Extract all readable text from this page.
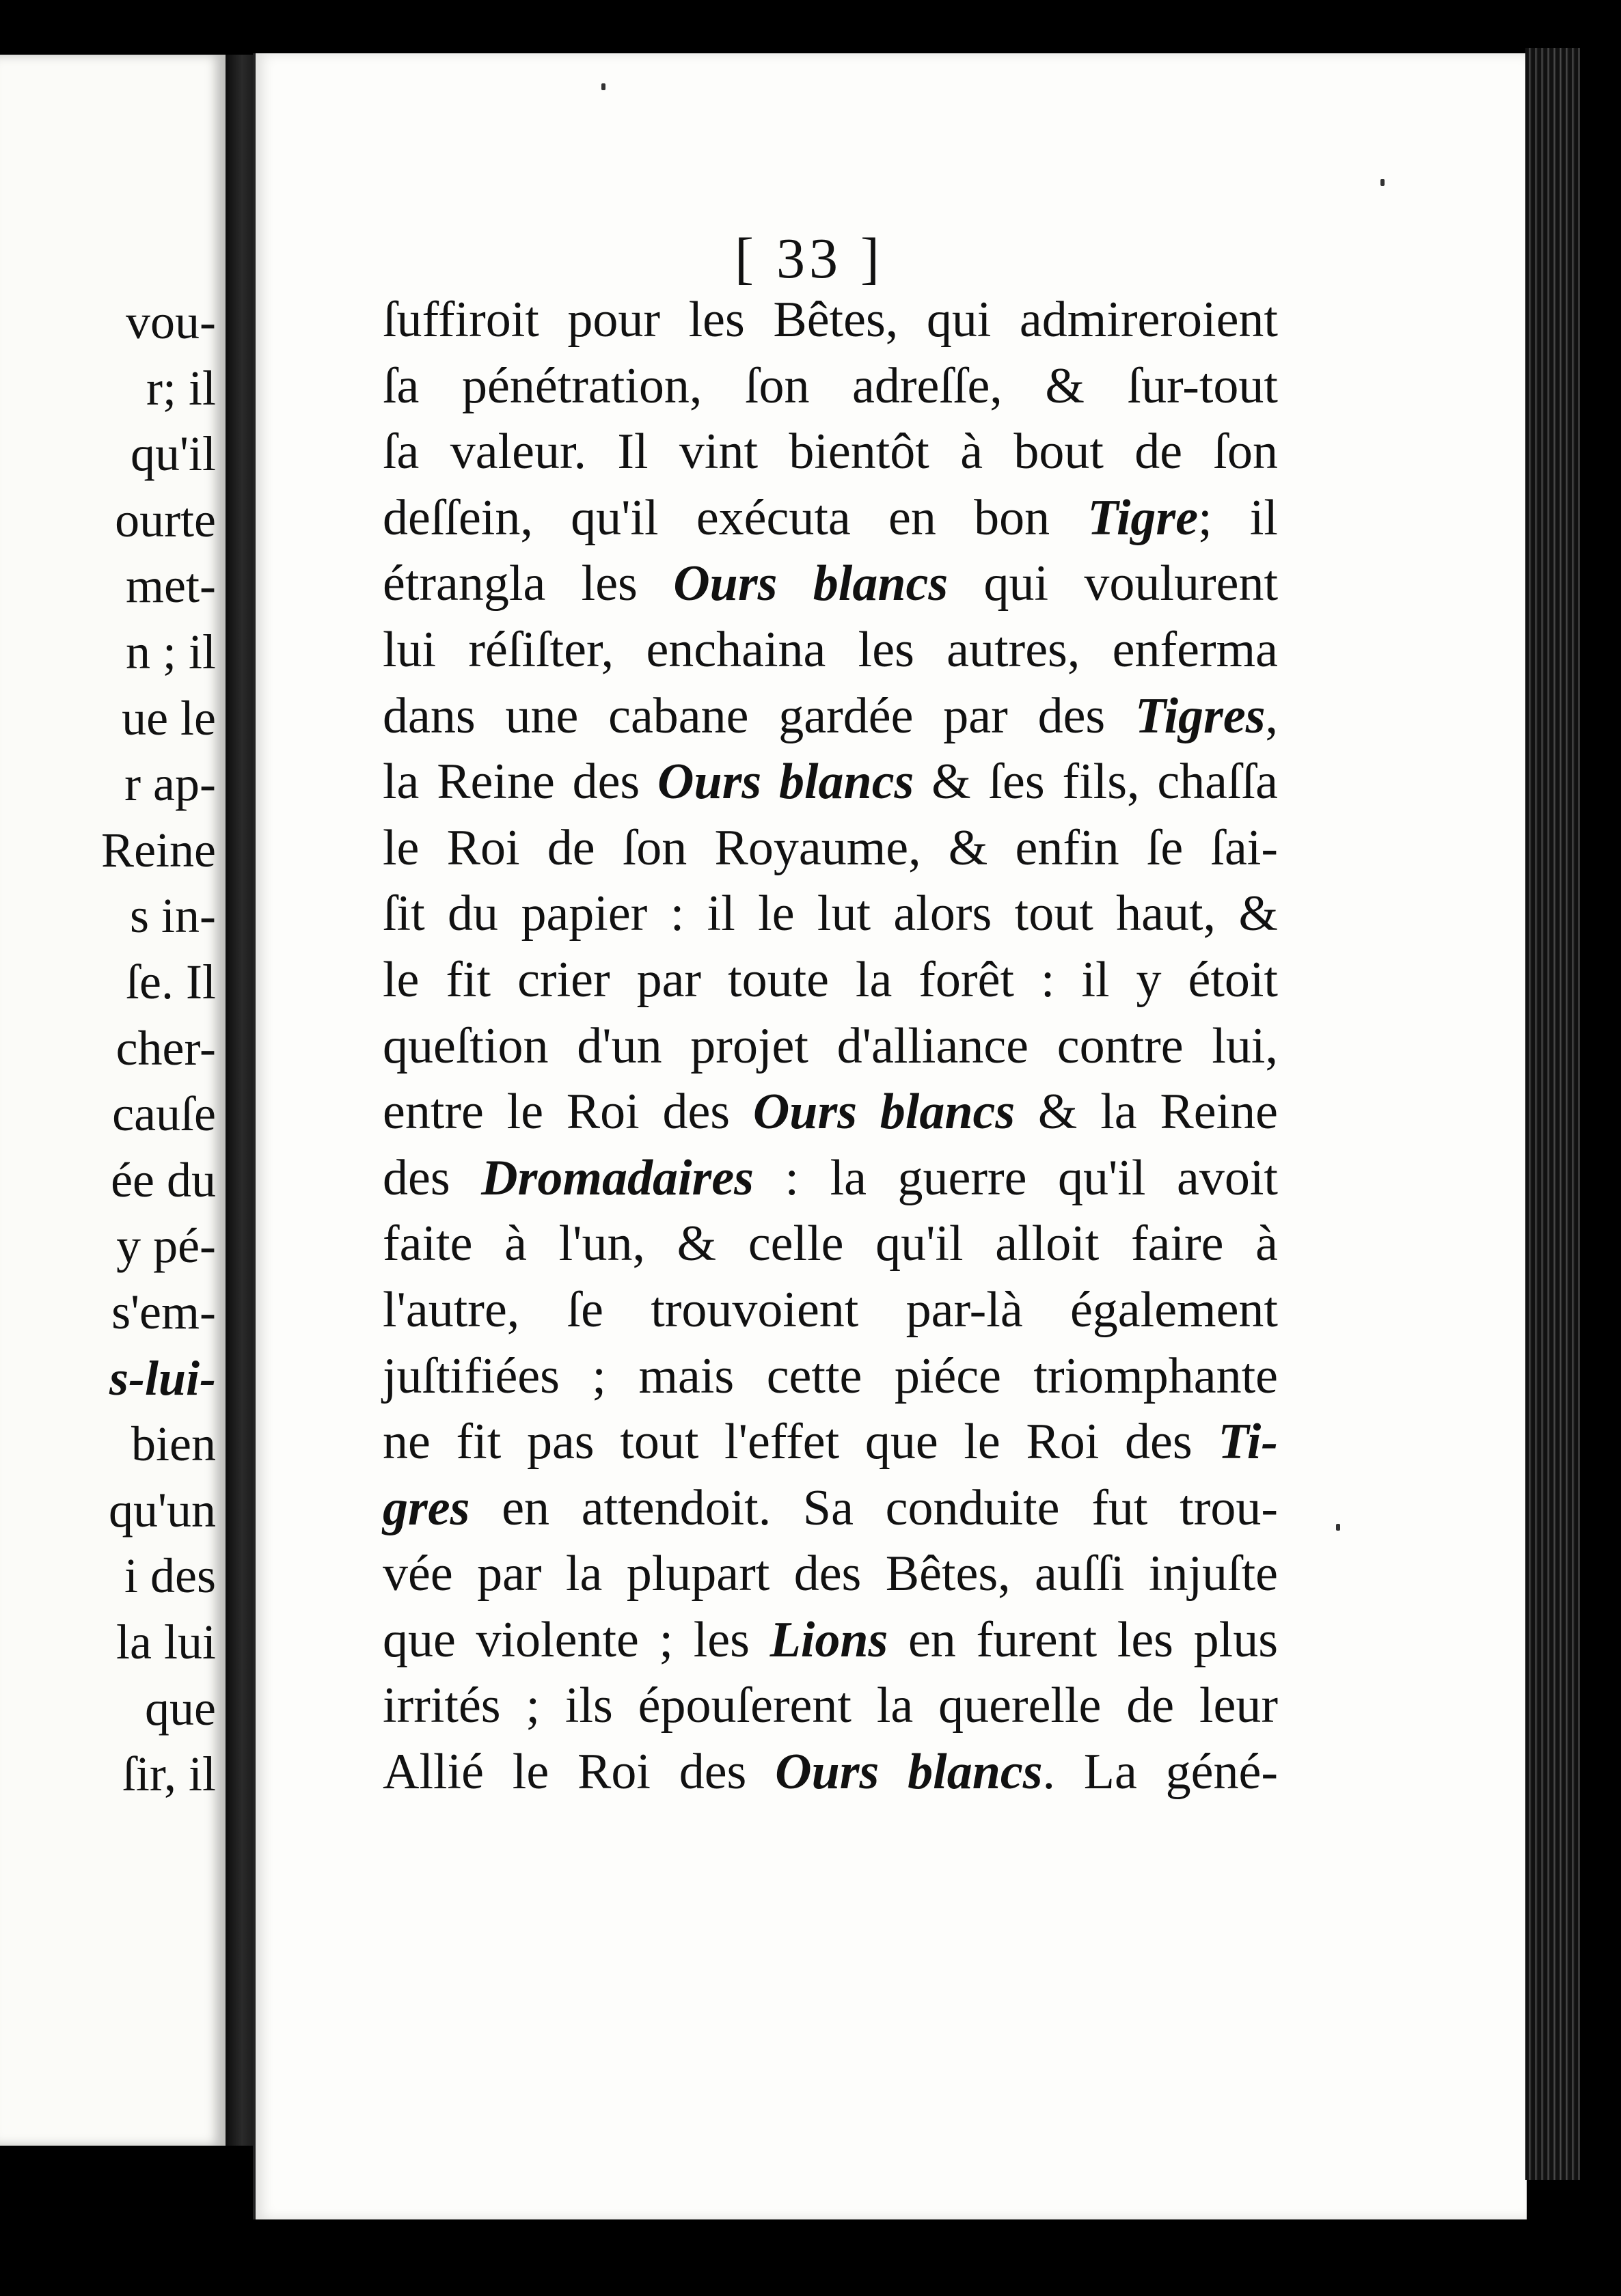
vou-
r; il
qu'il
ourte
met-
n ; il
ue le
r ap-
Reine
s in-
ſe. Il
cher-
cauſe
ée du
y pé-
s'em-
s-lui-
bien
qu'un
i des
la lui
que
ſir, il
[ 33 ]
ſuffiroit pour les Bêtes, qui admireroient
ſa pénétration, ſon adreſſe, & ſur-tout
ſa valeur. Il vint bientôt à bout de ſon
deſſein, qu'il exécuta en bon Tigre; il
étrangla les Ours blancs qui voulurent
lui réſiſter, enchaina les autres, enferma
dans une cabane gardée par des Tigres,
la Reine des Ours blancs & ſes fils, chaſſa
le Roi de ſon Royaume, & enfin ſe ſai-
ſit du papier : il le lut alors tout haut, &
le fit crier par toute la forêt : il y étoit
queſtion d'un projet d'alliance contre lui,
entre le Roi des Ours blancs & la Reine
des Dromadaires : la guerre qu'il avoit
faite à l'un, & celle qu'il alloit faire à
l'autre, ſe trouvoient par-là également
juſtifiées ; mais cette piéce triomphante
ne fit pas tout l'effet que le Roi des Ti-
gres en attendoit. Sa conduite fut trou-
vée par la plupart des Bêtes, auſſi injuſte
que violente ; les Lions en furent les plus
irrités ; ils épouſerent la querelle de leur
Allié le Roi des Ours blancs. La géné-
